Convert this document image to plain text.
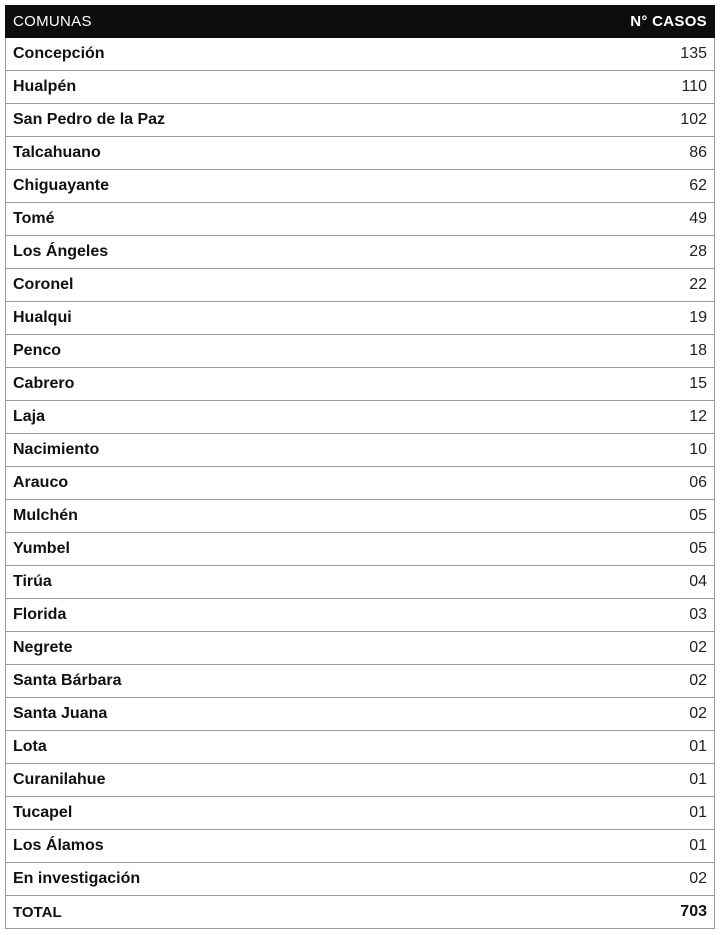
COMUNAS	N° CASOS
Concepción	135
Hualpén	110
San Pedro de la Paz	102
Talcahuano	86
Chiguayante	62
Tomé	49
Los Ángeles	28
Coronel	22
Hualqui	19
Penco	18
Cabrero	15
Laja	12
Nacimiento	10
Arauco	06
Mulchén	05
Yumbel	05
Tirúa	04
Florida	03
Negrete	02
Santa Bárbara	02
Santa Juana	02
Lota	01
Curanilahue	01
Tucapel	01
Los Álamos	01
En investigación	02
TOTAL	703
